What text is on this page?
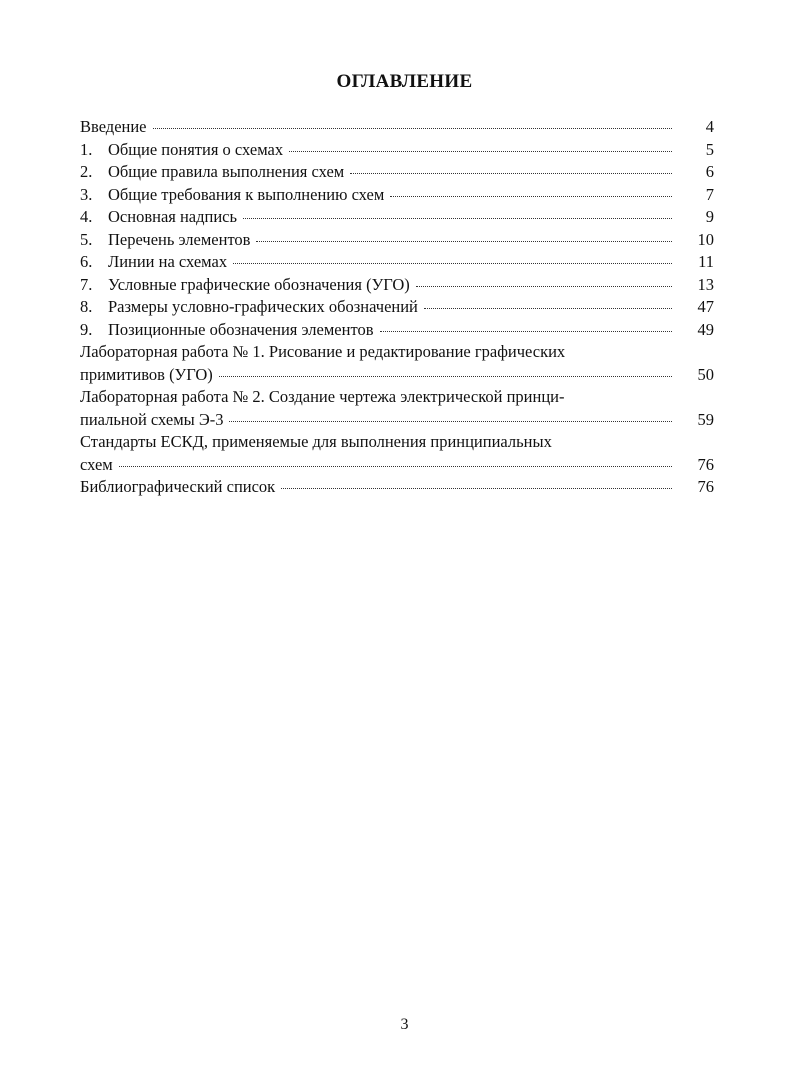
ОГЛАВЛЕНИЕ
Введение	4
1. Общие понятия о схемах	5
2. Общие правила выполнения схем	6
3. Общие требования к выполнению схем	7
4. Основная надпись	9
5. Перечень элементов	10
6. Линии на схемах	11
7. Условные графические обозначения (УГО)	13
8. Размеры условно-графических обозначений	47
9. Позиционные обозначения элементов	49
Лабораторная работа № 1. Рисование и редактирование графических
примитивов (УГО)	50
Лабораторная работа № 2. Создание чертежа электрической принци-
пиальной схемы Э-3	59
Стандарты ЕСКД, применяемые для выполнения принципиальных
схем	76
Библиографический список	76
3
